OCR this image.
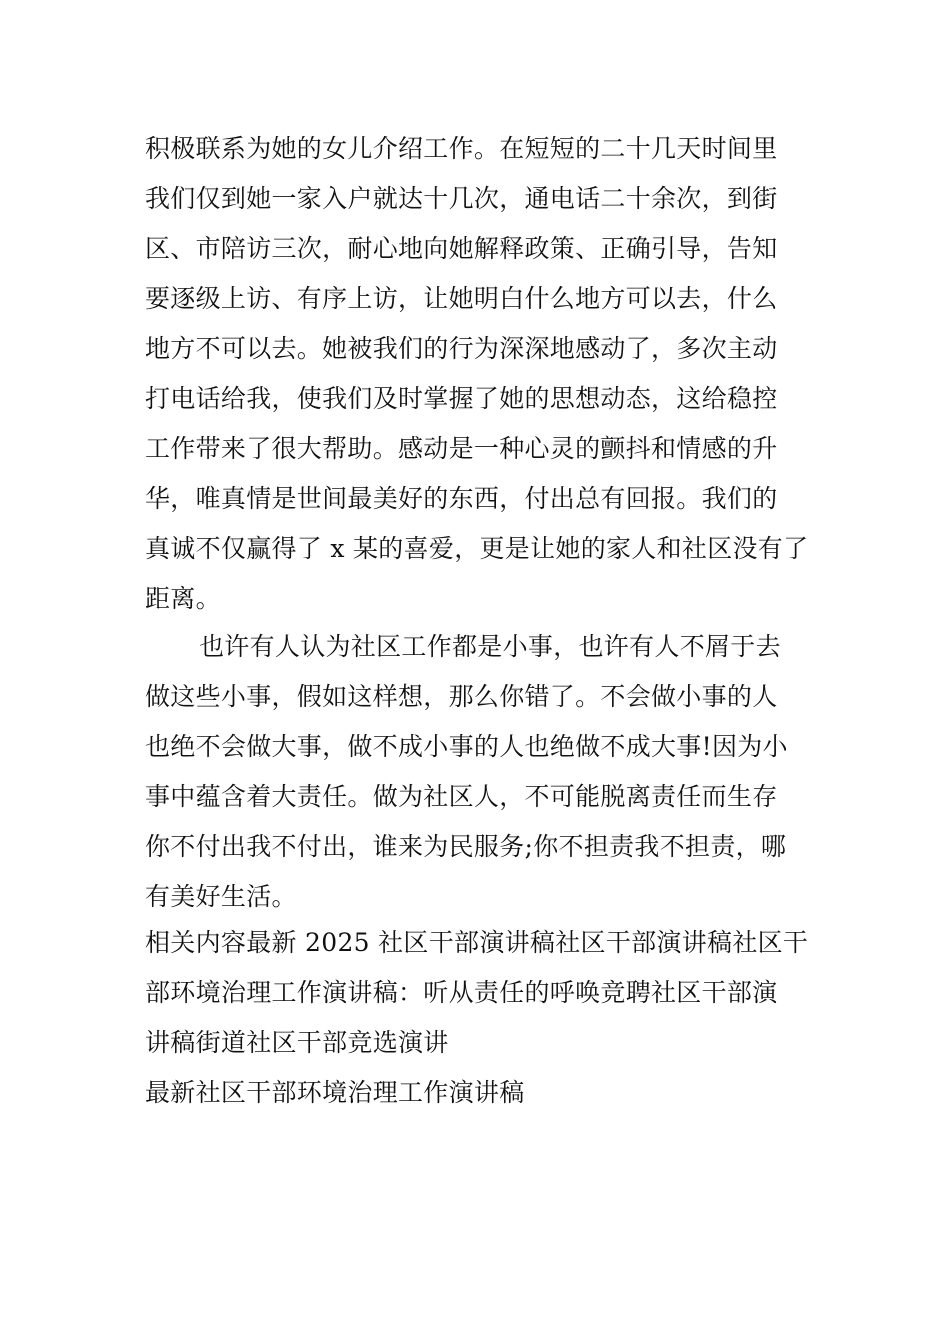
积极联系为她的女儿介绍工作。在短短的二十几天时间里
我们仅到她一家入户就达十几次，通电话二十余次，到街
区、市陪访三次，耐心地向她解释政策、正确引导，告知
要逐级上访、有序上访，让她明白什么地方可以去，什么
地方不可以去。她被我们的行为深深地感动了，多次主动
打电话给我，使我们及时掌握了她的思想动态，这给稳控
工作带来了很大帮助。感动是一种心灵的颤抖和情感的升
华，唯真情是世间最美好的东西，付出总有回报。我们的
真诚不仅赢得了 x 某的喜爱，更是让她的家人和社区没有了
距离。
也许有人认为社区工作都是小事，也许有人不屑于去
做这些小事，假如这样想，那么你错了。不会做小事的人
也绝不会做大事，做不成小事的人也绝做不成大事!因为小
事中蕴含着大责任。做为社区人，不可能脱离责任而生存
你不付出我不付出，谁来为民服务;你不担责我不担责，哪
有美好生活。
相关内容最新 2025 社区干部演讲稿社区干部演讲稿社区干
部环境治理工作演讲稿：听从责任的呼唤竞聘社区干部演
讲稿街道社区干部竞选演讲
最新社区干部环境治理工作演讲稿
